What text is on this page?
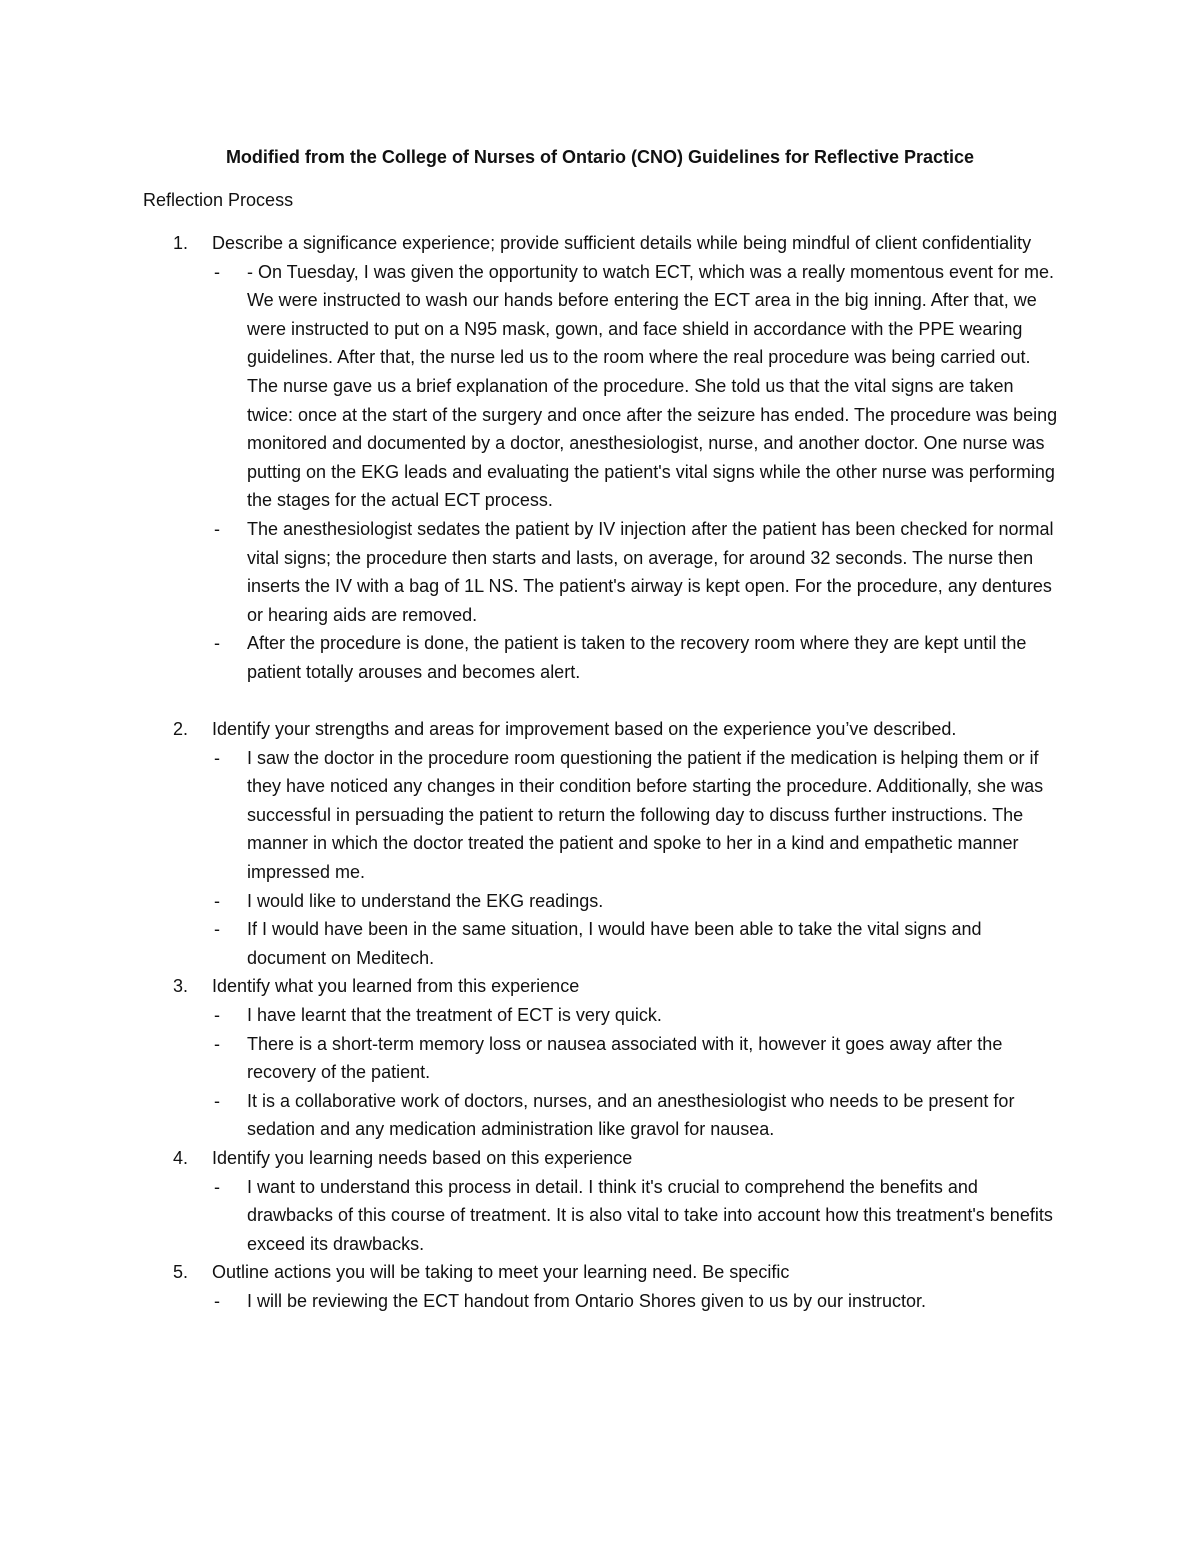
Modified from the College of Nurses of Ontario (CNO) Guidelines for Reflective Practice
Reflection Process
1.	Describe a significance experience; provide sufficient details while being mindful of client confidentiality
- - On Tuesday, I was given the opportunity to watch ECT, which was a really momentous event for me. We were instructed to wash our hands before entering the ECT area in the big inning. After that, we were instructed to put on a N95 mask, gown, and face shield in accordance with the PPE wearing guidelines. After that, the nurse led us to the room where the real procedure was being carried out. The nurse gave us a brief explanation of the procedure. She told us that the vital signs are taken twice: once at the start of the surgery and once after the seizure has ended. The procedure was being monitored and documented by a doctor, anesthesiologist, nurse, and another doctor. One nurse was putting on the EKG leads and evaluating the patient's vital signs while the other nurse was performing the stages for the actual ECT process.
- The anesthesiologist sedates the patient by IV injection after the patient has been checked for normal vital signs; the procedure then starts and lasts, on average, for around 32 seconds. The nurse then inserts the IV with a bag of 1L NS. The patient's airway is kept open. For the procedure, any dentures or hearing aids are removed.
- After the procedure is done, the patient is taken to the recovery room where they are kept until the patient totally arouses and becomes alert.
2.	Identify your strengths and areas for improvement based on the experience you’ve described.
- I saw the doctor in the procedure room questioning the patient if the medication is helping them or if they have noticed any changes in their condition before starting the procedure. Additionally, she was successful in persuading the patient to return the following day to discuss further instructions. The manner in which the doctor treated the patient and spoke to her in a kind and empathetic manner impressed me.
- I would like to understand the EKG readings.
- If I would have been in the same situation, I would have been able to take the vital signs and document on Meditech.
3.	Identify what you learned from this experience
- I have learnt that the treatment of ECT is very quick.
- There is a short-term memory loss or nausea associated with it, however it goes away after the recovery of the patient.
- It is a collaborative work of doctors, nurses, and an anesthesiologist who needs to be present for sedation and any medication administration like gravol for nausea.
4.	Identify you learning needs based on this experience
- I want to understand this process in detail. I think it's crucial to comprehend the benefits and drawbacks of this course of treatment. It is also vital to take into account how this treatment's benefits exceed its drawbacks.
5.	Outline actions you will be taking to meet your learning need. Be specific
- I will be reviewing the ECT handout from Ontario Shores given to us by our instructor.
